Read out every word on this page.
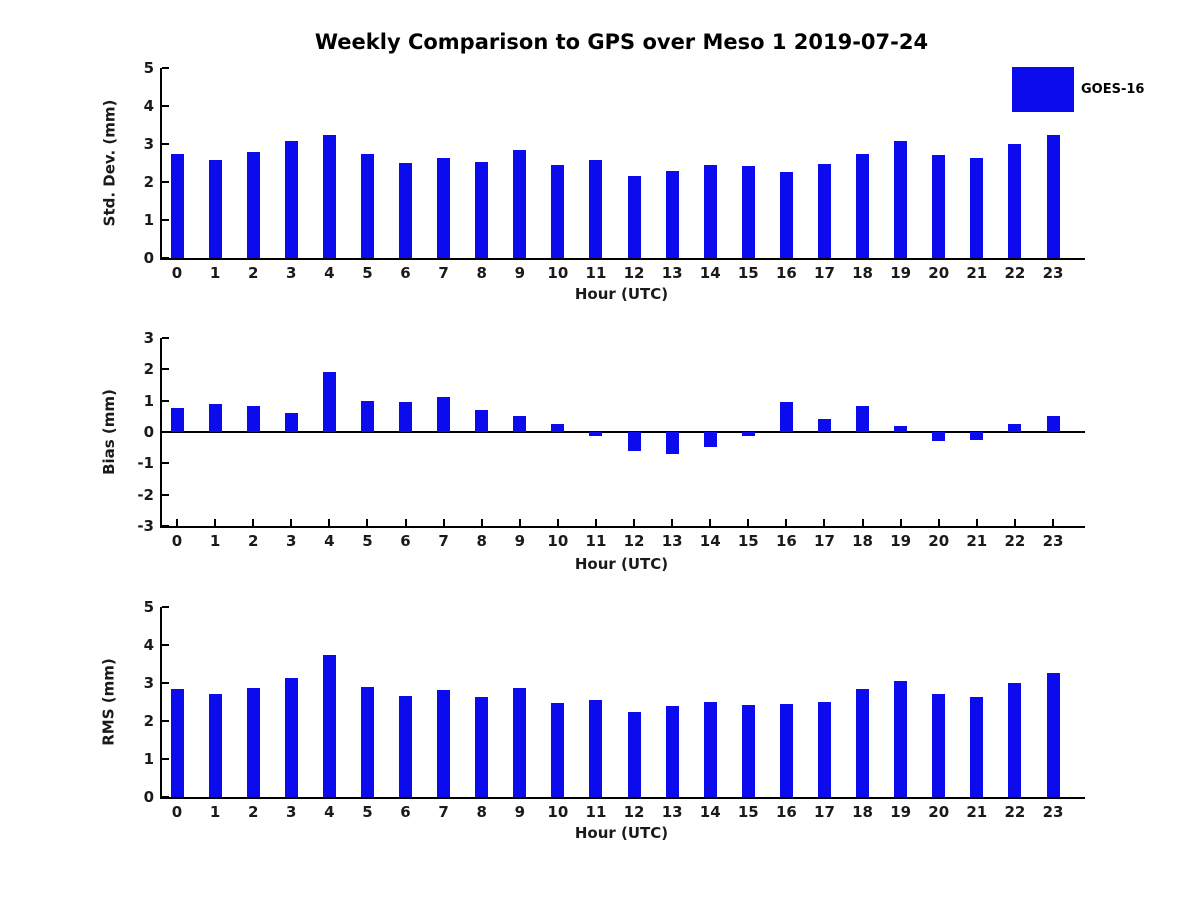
Weekly Comparison to GPS over Meso 1 2019-07-24
GOES-16
Std. Dev. (mm)
0
1
2
3
4
5
0	1	2	3	4	5	6	7	8	9	10	11	12	13	14	15	16	17	18	19	20	21	22	23
Hour (UTC)
Bias (mm)
3
2
1
0
-1
-2
-3
0	1	2	3	4	5	6	7	8	9	10	11	12	13	14	15	16	17	18	19	20	21	22	23
Hour (UTC)
RMS (mm)
0
1
2
3
4
5
0	1	2	3	4	5	6	7	8	9	10	11	12	13	14	15	16	17	18	19	20	21	22	23
Hour (UTC)
